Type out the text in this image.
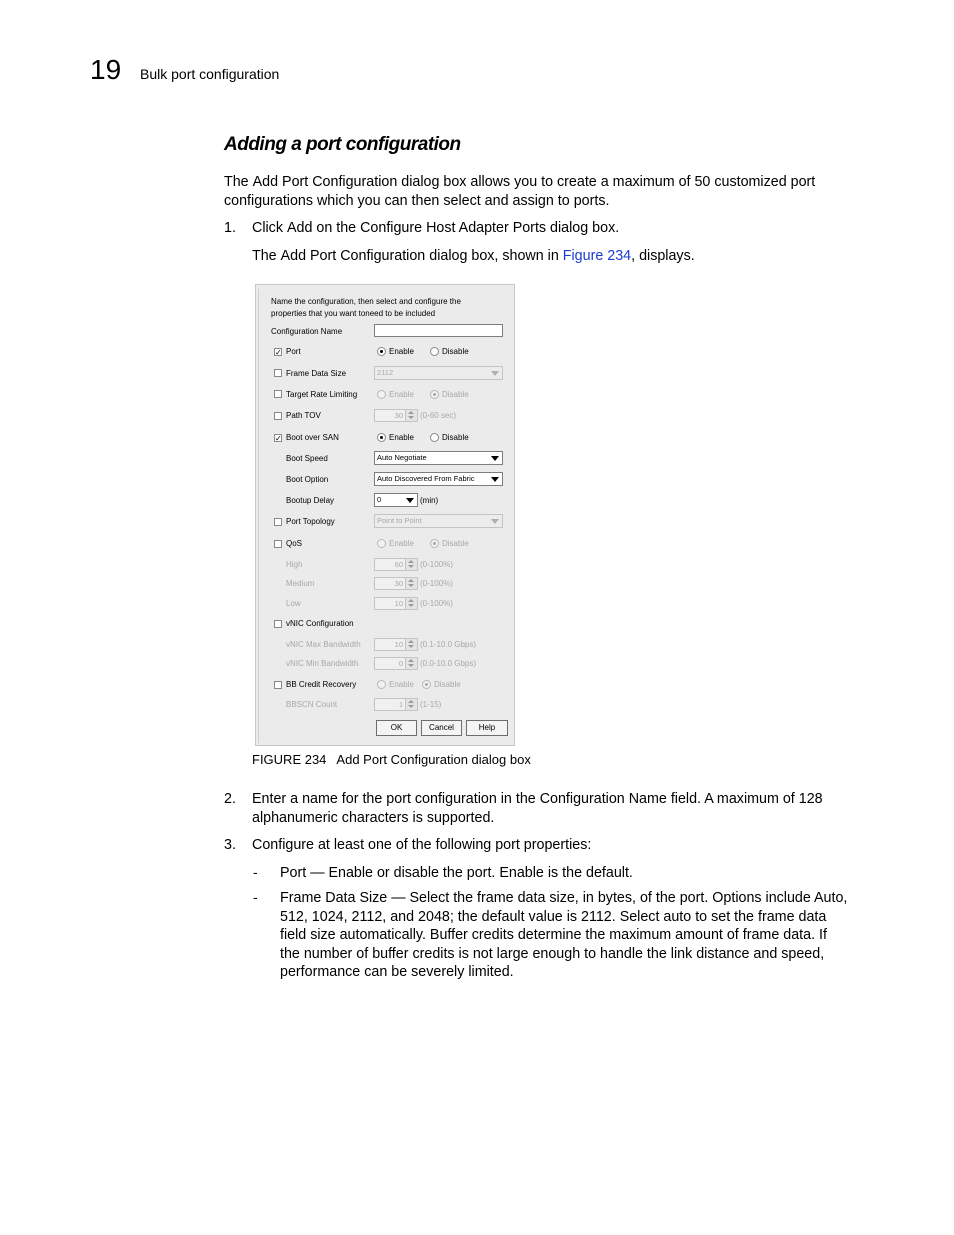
19 Bulk port configuration
Adding a port configuration
The Add Port Configuration dialog box allows you to create a maximum of 50 customized port
configurations which you can then select and assign to ports.
1. Click Add on the Configure Host Adapter Ports dialog box.
The Add Port Configuration dialog box, shown in Figure 234, displays.
Name the configuration, then select and configure the
properties that you want toneed to be included
Configuration Name
✓ Port	Enable	Disable
Frame Data Size	2112
Target Rate Limiting	Enable	Disable
Path TOV	30 (0-60 sec)
✓ Boot over SAN	Enable	Disable
Boot Speed	Auto Negotiate
Boot Option	Auto Discovered From Fabric
Bootup Delay	0	(min)
Port Topology	Point to Point
QoS	Enable	Disable
High	60 (0-100%)
Medium	30 (0-100%)
Low	10 (0-100%)
vNIC Configuration
vNIC Max Bandwidth	10 (0.1-10.0 Gbps)
vNIC Min Bandwidth	0 (0.0-10.0 Gbps)
BB Credit Recovery	Enable	Disable
BBSCN Count	1 (1-15)
OK	Cancel	Help
FIGURE 234 Add Port Configuration dialog box
2. Enter a name for the port configuration in the Configuration Name field. A maximum of 128
alphanumeric characters is supported.
3. Configure at least one of the following port properties:
- Port — Enable or disable the port. Enable is the default.
- Frame Data Size — Select the frame data size, in bytes, of the port. Options include Auto,
512, 1024, 2112, and 2048; the default value is 2112. Select auto to set the frame data
field size automatically. Buffer credits determine the maximum amount of frame data. If
the number of buffer credits is not large enough to handle the link distance and speed,
performance can be severely limited.
